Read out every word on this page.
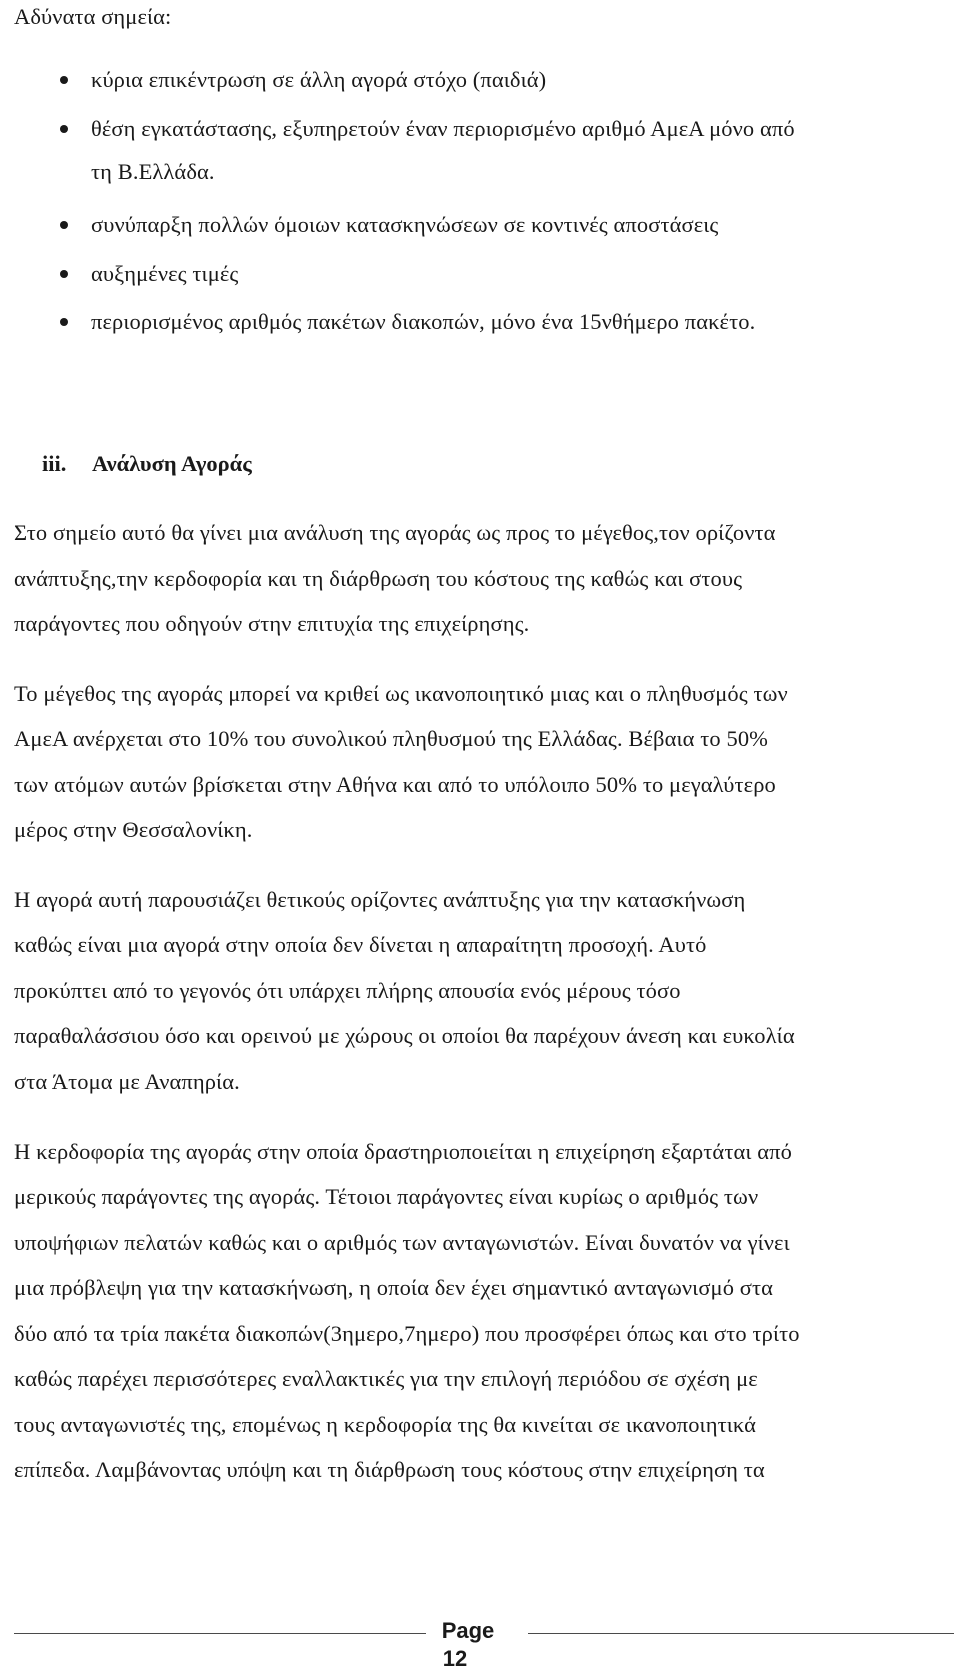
Αδύνατα σημεία:
κύρια επικέντρωση σε άλλη αγορά στόχο (παιδιά)
θέση εγκατάστασης, εξυπηρετούν έναν περιορισμένο αριθμό ΑμεΑ μόνο από
τη Β.Ελλάδα.
συνύπαρξη πολλών όμοιων κατασκηνώσεων σε κοντινές αποστάσεις
αυξημένες τιμές
περιορισμένος αριθμός πακέτων διακοπών, μόνο ένα 15νθήμερο πακέτο.
iii. Ανάλυση Αγοράς
Στο σημείο αυτό θα γίνει μια ανάλυση της αγοράς ως προς το μέγεθος,τον ορίζοντα
ανάπτυξης,την κερδοφορία και τη διάρθρωση του κόστους της καθώς και στους
παράγοντες που οδηγούν στην επιτυχία της επιχείρησης.
Το μέγεθος της αγοράς μπορεί να κριθεί ως ικανοποιητικό μιας και ο πληθυσμός των
ΑμεΑ ανέρχεται στο 10% του συνολικού πληθυσμού της Ελλάδας. Βέβαια το 50%
των ατόμων αυτών βρίσκεται στην Αθήνα και από το υπόλοιπο 50% το μεγαλύτερο
μέρος στην Θεσσαλονίκη.
Η αγορά αυτή παρουσιάζει θετικούς ορίζοντες ανάπτυξης για την κατασκήνωση
καθώς είναι μια αγορά στην οποία δεν δίνεται η απαραίτητη προσοχή. Αυτό
προκύπτει από το γεγονός ότι υπάρχει πλήρης απουσία ενός μέρους τόσο
παραθαλάσσιου όσο και ορεινού με χώρους οι οποίοι θα παρέχουν άνεση και ευκολία
στα Άτομα με Αναπηρία.
Η κερδοφορία της αγοράς στην οποία δραστηριοποιείται η επιχείρηση εξαρτάται από
μερικούς παράγοντες της αγοράς. Τέτοιοι παράγοντες είναι κυρίως ο αριθμός των
υποψήφιων πελατών καθώς και ο αριθμός των ανταγωνιστών. Είναι δυνατόν να γίνει
μια πρόβλεψη για την κατασκήνωση, η οποία δεν έχει σημαντικό ανταγωνισμό στα
δύο από τα τρία πακέτα διακοπών(3ημερο,7ημερο) που προσφέρει όπως και στο τρίτο
καθώς παρέχει περισσότερες εναλλακτικές για την επιλογή περιόδου σε σχέση με
τους ανταγωνιστές της, επομένως η κερδοφορία της θα κινείται σε ικανοποιητικά
επίπεδα. Λαμβάνοντας υπόψη και τη διάρθρωση τους κόστους στην επιχείρηση τα
Page
12
